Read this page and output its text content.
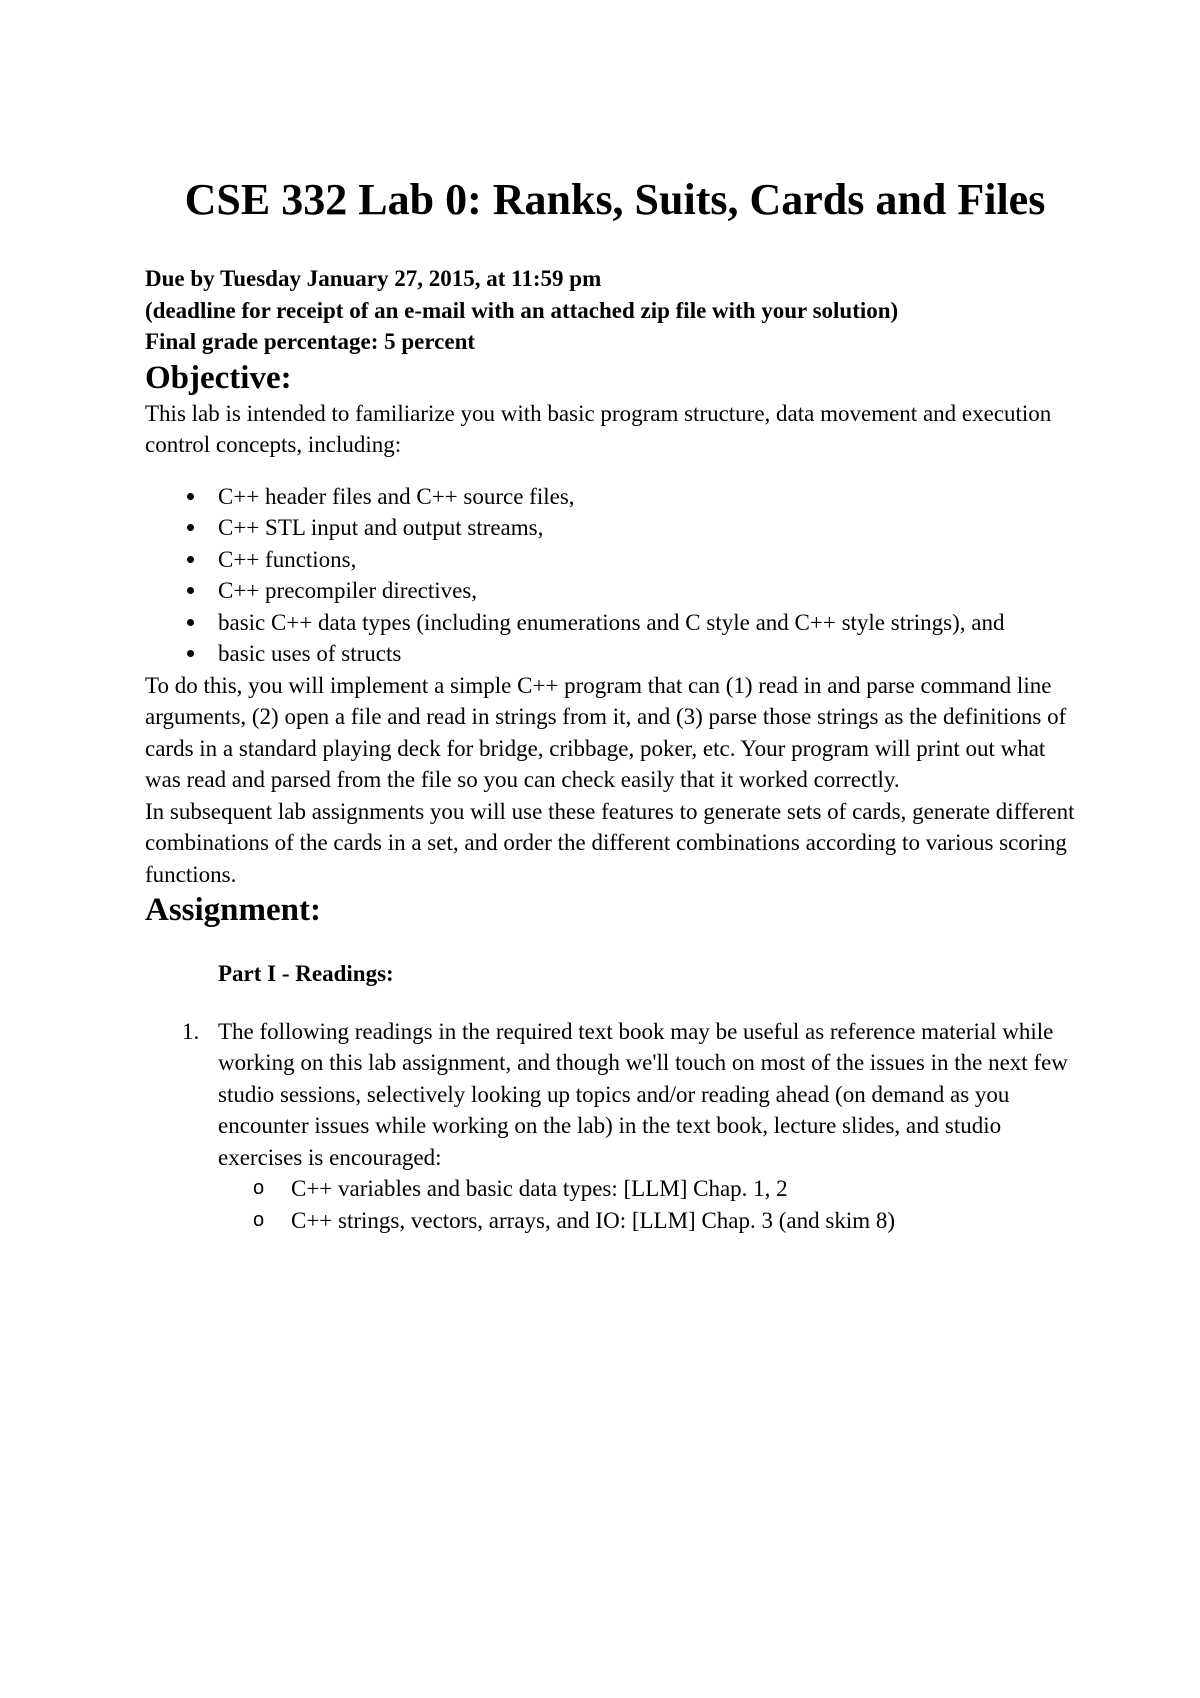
CSE 332 Lab 0: Ranks, Suits, Cards and Files
Due by Tuesday January 27, 2015, at 11:59 pm
(deadline for receipt of an e-mail with an attached zip file with your solution)
Final grade percentage: 5 percent
Objective:

This lab is intended to familiarize you with basic program structure, data movement and execution control concepts, including:

C++ header files and C++ source files,
C++ STL input and output streams,
C++ functions,
C++ precompiler directives,
basic C++ data types (including enumerations and C style and C++ style strings), and
basic uses of structs

To do this, you will implement a simple C++ program that can (1) read in and parse command line arguments, (2) open a file and read in strings from it, and (3) parse those strings as the definitions of cards in a standard playing deck for bridge, cribbage, poker, etc. Your program will print out what was read and parsed from the file so you can check easily that it worked correctly.

In subsequent lab assignments you will use these features to generate sets of cards, generate different combinations of the cards in a set, and order the different combinations according to various scoring functions.

Assignment:
Part I - Readings:
1. The following readings in the required text book may be useful as reference material while working on this lab assignment, and though we'll touch on most of the issues in the next few studio sessions, selectively looking up topics and/or reading ahead (on demand as you encounter issues while working on the lab) in the text book, lecture slides, and studio exercises is encouraged:
o C++ variables and basic data types: [LLM] Chap. 1, 2
o C++ strings, vectors, arrays, and IO: [LLM] Chap. 3 (and skim 8)
